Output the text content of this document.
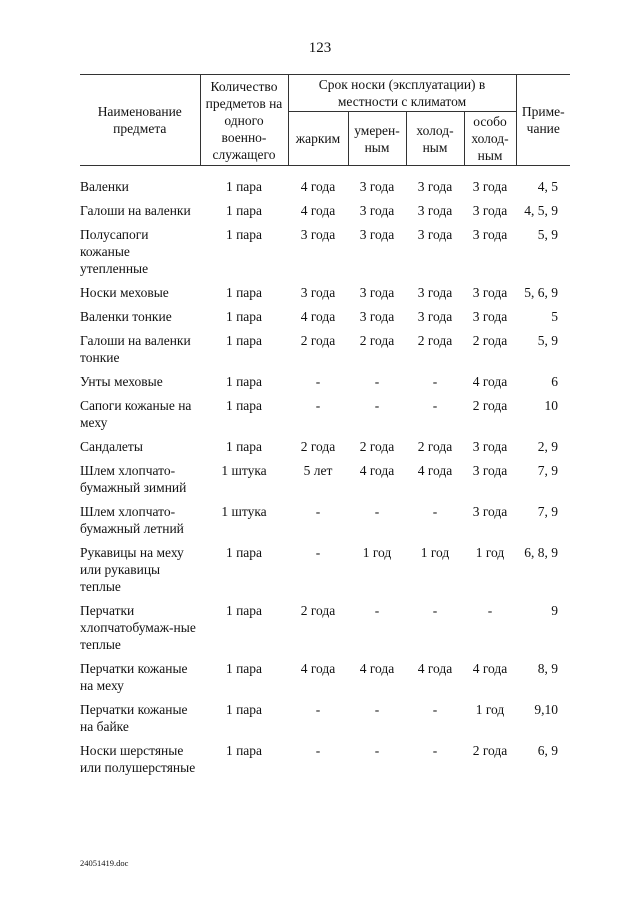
123
Наименование предмета	Количество предметов на одного военно-служащего	Срок носки (эксплуатации) в местности с климатом				Приме-чание
		жарким	умерен-ным	холод-ным	особо холод-ным	
Валенки	1 пара	4 года	3 года	3 года	3 года	4, 5
Галоши на валенки	1 пара	4 года	3 года	3 года	3 года	4, 5, 9
Полусапоги кожаные утепленные	1 пара	3 года	3 года	3 года	3 года	5, 9
Носки меховые	1 пара	3 года	3 года	3 года	3 года	5, 6, 9
Валенки тонкие	1 пара	4 года	3 года	3 года	3 года	5
Галоши на валенки тонкие	1 пара	2 года	2 года	2 года	2 года	5, 9
Унты меховые	1 пара	-	-	-	4 года	6
Сапоги кожаные на меху	1 пара	-	-	-	2 года	10
Сандалеты	1 пара	2 года	2 года	2 года	3 года	2, 9
Шлем хлопчато-бумажный зимний	1 штука	5 лет	4 года	4 года	3 года	7, 9
Шлем хлопчато-бумажный летний	1 штука	-	-	-	3 года	7, 9
Рукавицы на меху или рукавицы теплые	1 пара	-	1 год	1 год	1 год	6, 8, 9
Перчатки хлопчатобумаж-ные теплые	1 пара	2 года	-	-	-	9
Перчатки кожаные на меху	1 пара	4 года	4 года	4 года	4 года	8, 9
Перчатки кожаные на байке	1 пара	-	-	-	1 год	9,10
Носки шерстяные или полушерстяные	1 пара	-	-	-	2 года	6, 9
24051419.doc
